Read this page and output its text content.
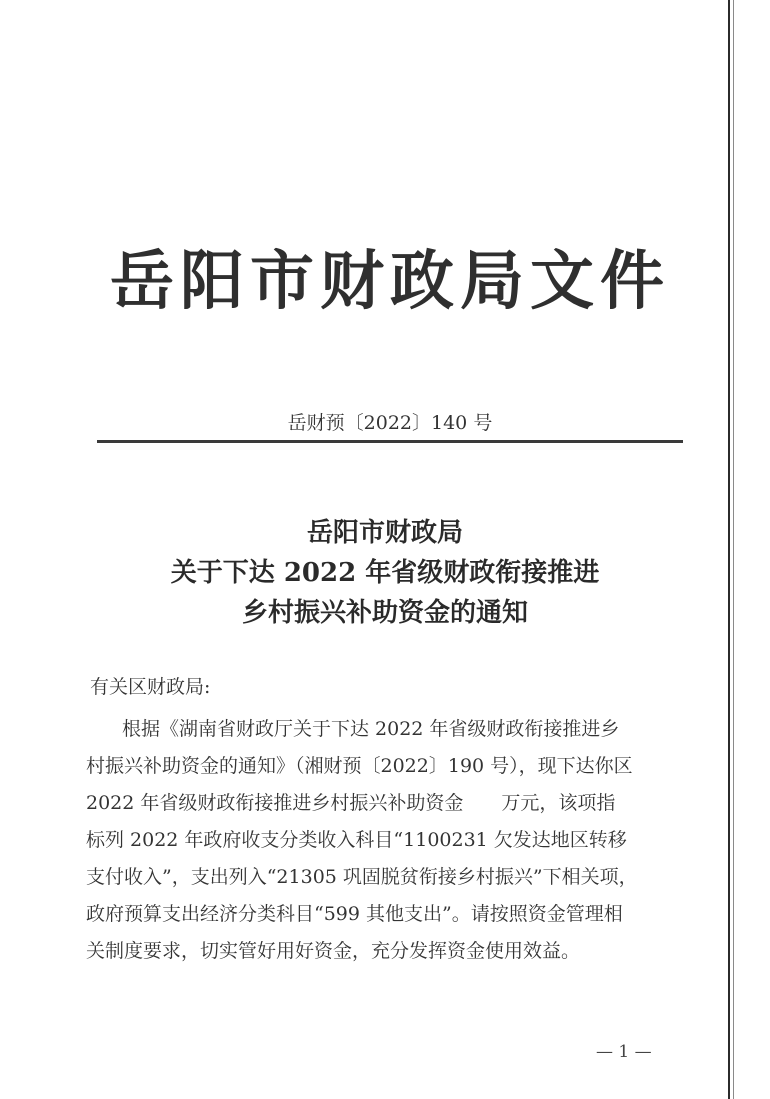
岳阳市财政局文件
岳财预〔2022〕140 号
岳阳市财政局
关于下达 2022 年省级财政衔接推进
乡村振兴补助资金的通知
有关区财政局:
根据《湖南省财政厅关于下达 2022 年省级财政衔接推进乡
村振兴补助资金的通知》（湘财预〔2022〕190 号），现下达你区
2022 年省级财政衔接推进乡村振兴补助资金　　万元，该项指
标列 2022 年政府收支分类收入科目“1100231 欠发达地区转移
支付收入”，支出列入“21305 巩固脱贫衔接乡村振兴”下相关项，
政府预算支出经济分类科目“599 其他支出”。请按照资金管理相
关制度要求，切实管好用好资金，充分发挥资金使用效益。
— 1 —
